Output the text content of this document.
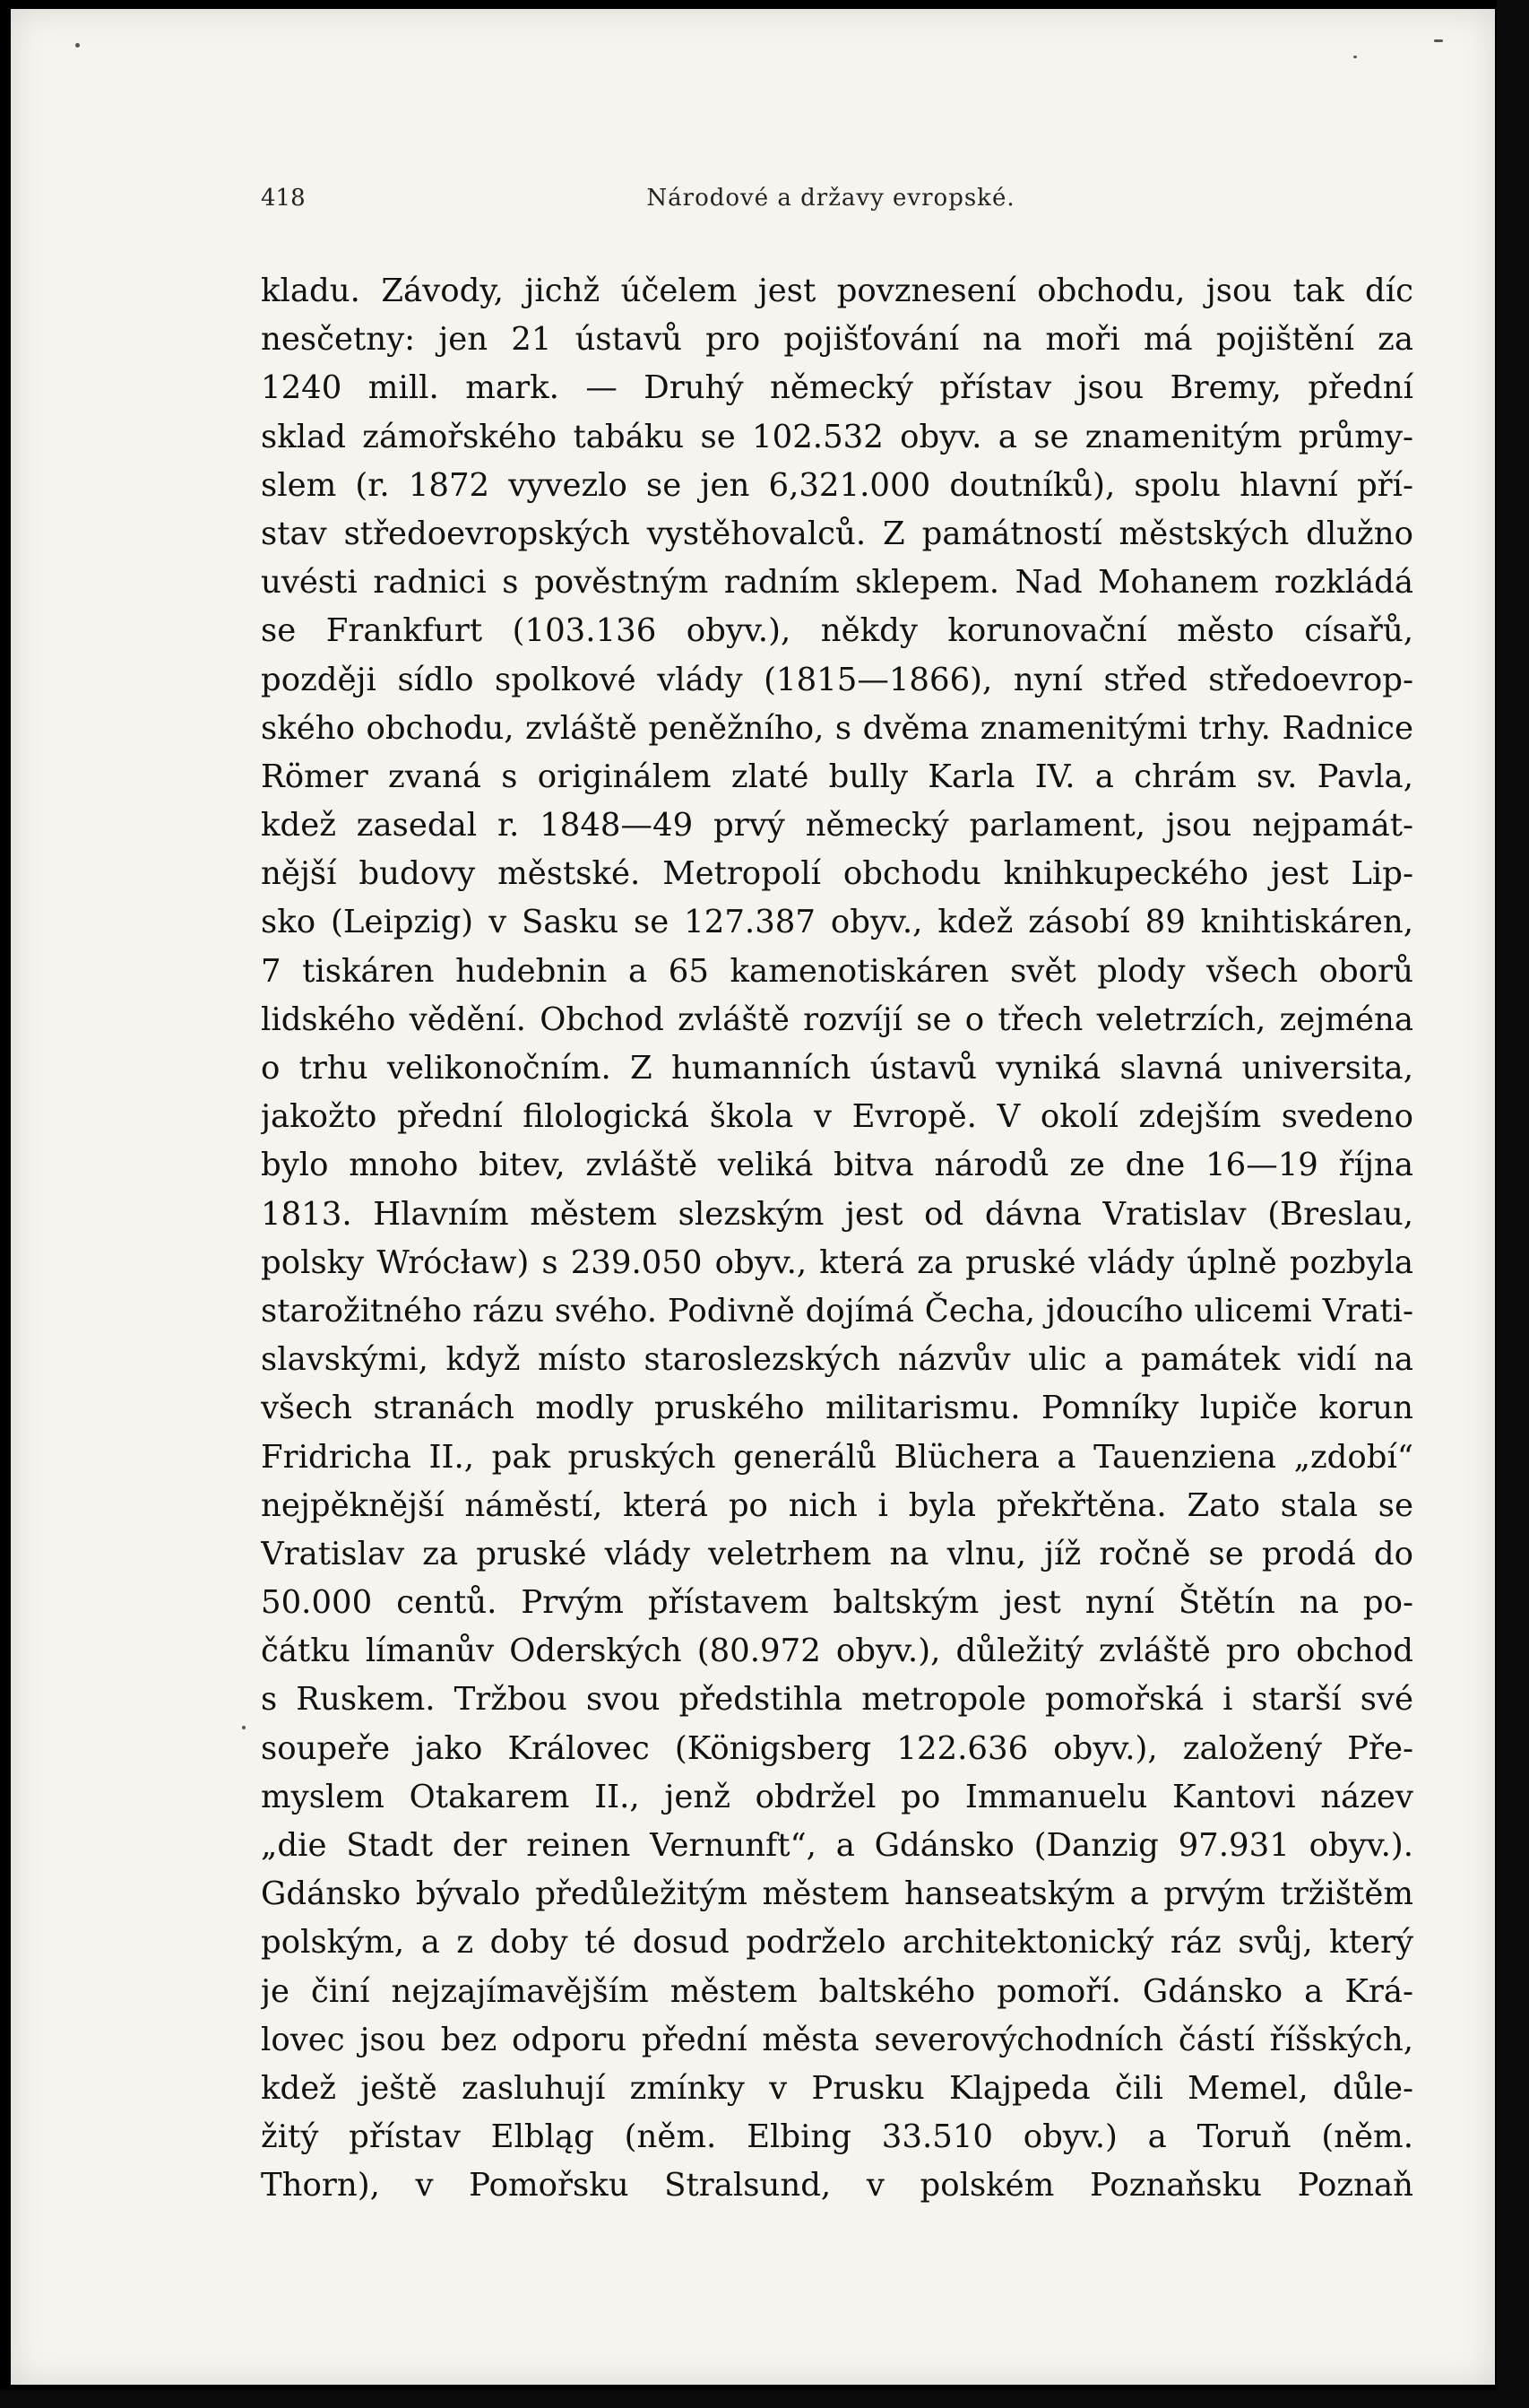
418	Národové a državy evropské.
kladu. Závody, jichž účelem jest povznesení obchodu, jsou tak díc
nesčetny: jen 21 ústavů pro pojišťování na moři má pojištění za
1240 mill. mark. — Druhý německý přístav jsou Bremy, přední
sklad zámořského tabáku se 102.532 obyv. a se znamenitým průmy-
slem (r. 1872 vyvezlo se jen 6,321.000 doutníků), spolu hlavní pří-
stav středoevropských vystěhovalců. Z památností městských dlužno
uvésti radnici s pověstným radním sklepem. Nad Mohanem rozkládá
se Frankfurt (103.136 obyv.), někdy korunovační město císařů,
později sídlo spolkové vlády (1815—1866), nyní střed středoevrop-
ského obchodu, zvláště peněžního, s dvěma znamenitými trhy. Radnice
Römer zvaná s originálem zlaté bully Karla IV. a chrám sv. Pavla,
kdež zasedal r. 1848—49 prvý německý parlament, jsou nejpamát-
nější budovy městské. Metropolí obchodu knihkupeckého jest Lip-
sko (Leipzig) v Sasku se 127.387 obyv., kdež zásobí 89 knihtiskáren,
7 tiskáren hudebnin a 65 kamenotiskáren svět plody všech oborů
lidského vědění. Obchod zvláště rozvíjí se o třech veletrzích, zejména
o trhu velikonočním. Z humanních ústavů vyniká slavná universita,
jakožto přední filologická škola v Evropě. V okolí zdejším svedeno
bylo mnoho bitev, zvláště veliká bitva národů ze dne 16—19 října
1813. Hlavním městem slezským jest od dávna Vratislav (Breslau,
polsky Wrócław) s 239.050 obyv., která za pruské vlády úplně pozbyla
starožitného rázu svého. Podivně dojímá Čecha, jdoucího ulicemi Vrati-
slavskými, když místo staroslezských názvův ulic a památek vidí na
všech stranách modly pruského militarismu. Pomníky lupiče korun
Fridricha II., pak pruských generálů Blüchera a Tauenziena „zdobí“
nejpěknější náměstí, která po nich i byla překřtěna. Zato stala se
Vratislav za pruské vlády veletrhem na vlnu, jíž ročně se prodá do
50.000 centů. Prvým přístavem baltským jest nyní Štětín na po-
čátku límanův Oderských (80.972 obyv.), důležitý zvláště pro obchod
s Ruskem. Tržbou svou předstihla metropole pomořská i starší své
soupeře jako Královec (Königsberg 122.636 obyv.), založený Pře-
myslem Otakarem II., jenž obdržel po Immanuelu Kantovi název
„die Stadt der reinen Vernunft“, a Gdánsko (Danzig 97.931 obyv.).
Gdánsko bývalo předůležitým městem hanseatským a prvým tržištěm
polským, a z doby té dosud podrželo architektonický ráz svůj, který
je činí nejzajímavějším městem baltského pomoří. Gdánsko a Krá-
lovec jsou bez odporu přední města severovýchodních částí říšských,
kdež ještě zasluhují zmínky v Prusku Klajpeda čili Memel, důle-
žitý přístav Elbląg (něm. Elbing 33.510 obyv.) a Toruň (něm.
Thorn), v Pomořsku Stralsund, v polském Poznaňsku Poznaň
